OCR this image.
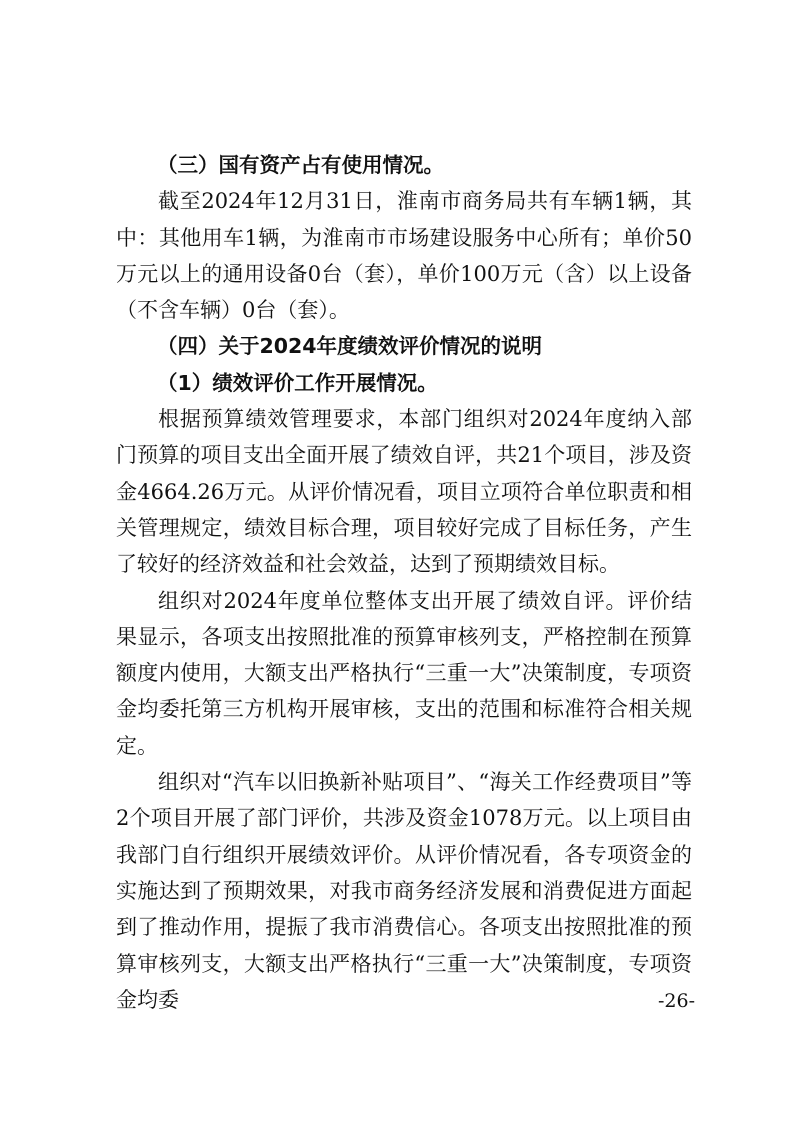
（三）国有资产占有使用情况。

截至2024年12月31日，淮南市商务局共有车辆1辆，其中：其他用车1辆，为淮南市市场建设服务中心所有；单价50万元以上的通用设备0台（套），单价100万元（含）以上设备（不含车辆）0台（套）。

（四）关于2024年度绩效评价情况的说明

（1）绩效评价工作开展情况。

根据预算绩效管理要求，本部门组织对2024年度纳入部门预算的项目支出全面开展了绩效自评，共21个项目，涉及资金4664.26万元。从评价情况看，项目立项符合单位职责和相关管理规定，绩效目标合理，项目较好完成了目标任务，产生了较好的经济效益和社会效益，达到了预期绩效目标。

组织对2024年度单位整体支出开展了绩效自评。评价结果显示，各项支出按照批准的预算审核列支，严格控制在预算额度内使用，大额支出严格执行“三重一大”决策制度，专项资金均委托第三方机构开展审核，支出的范围和标准符合相关规定。

组织对“汽车以旧换新补贴项目”、“海关工作经费项目”等2个项目开展了部门评价，共涉及资金1078万元。以上项目由我部门自行组织开展绩效评价。从评价情况看，各专项资金的实施达到了预期效果，对我市商务经济发展和消费促进方面起到了推动作用，提振了我市消费信心。各项支出按照批准的预算审核列支，大额支出严格执行“三重一大”决策制度，专项资金均委	-26-
